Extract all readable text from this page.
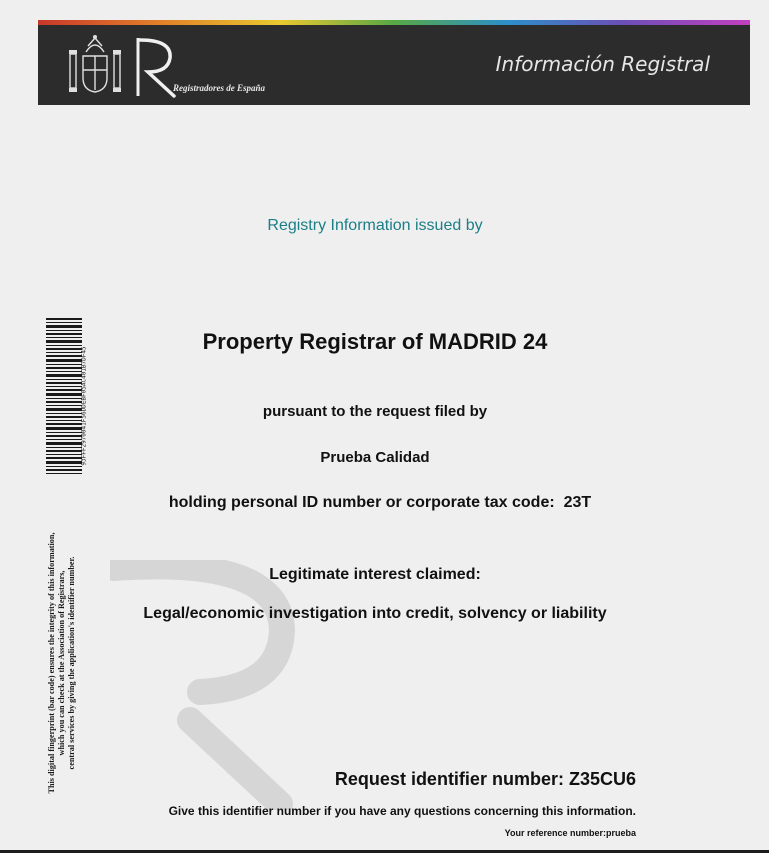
Registradores de España
Información Registral
93FFF2970041F56DDEBF05AC401B7DF45
This digital fingerprint (bar code) ensures the integrity of this information, which you can check at the Association of Registrars, central services by giving the application's identifier number.
Registry Information issued by
Property Registrar of MADRID 24
pursuant to the request filed by
Prueba Calidad
holding personal ID number or corporate tax code: 23T
Legitimate interest claimed:
Legal/economic investigation into credit, solvency or liability
Request identifier number: Z35CU6
Give this identifier number if you have any questions concerning this information.
Your reference number:prueba
